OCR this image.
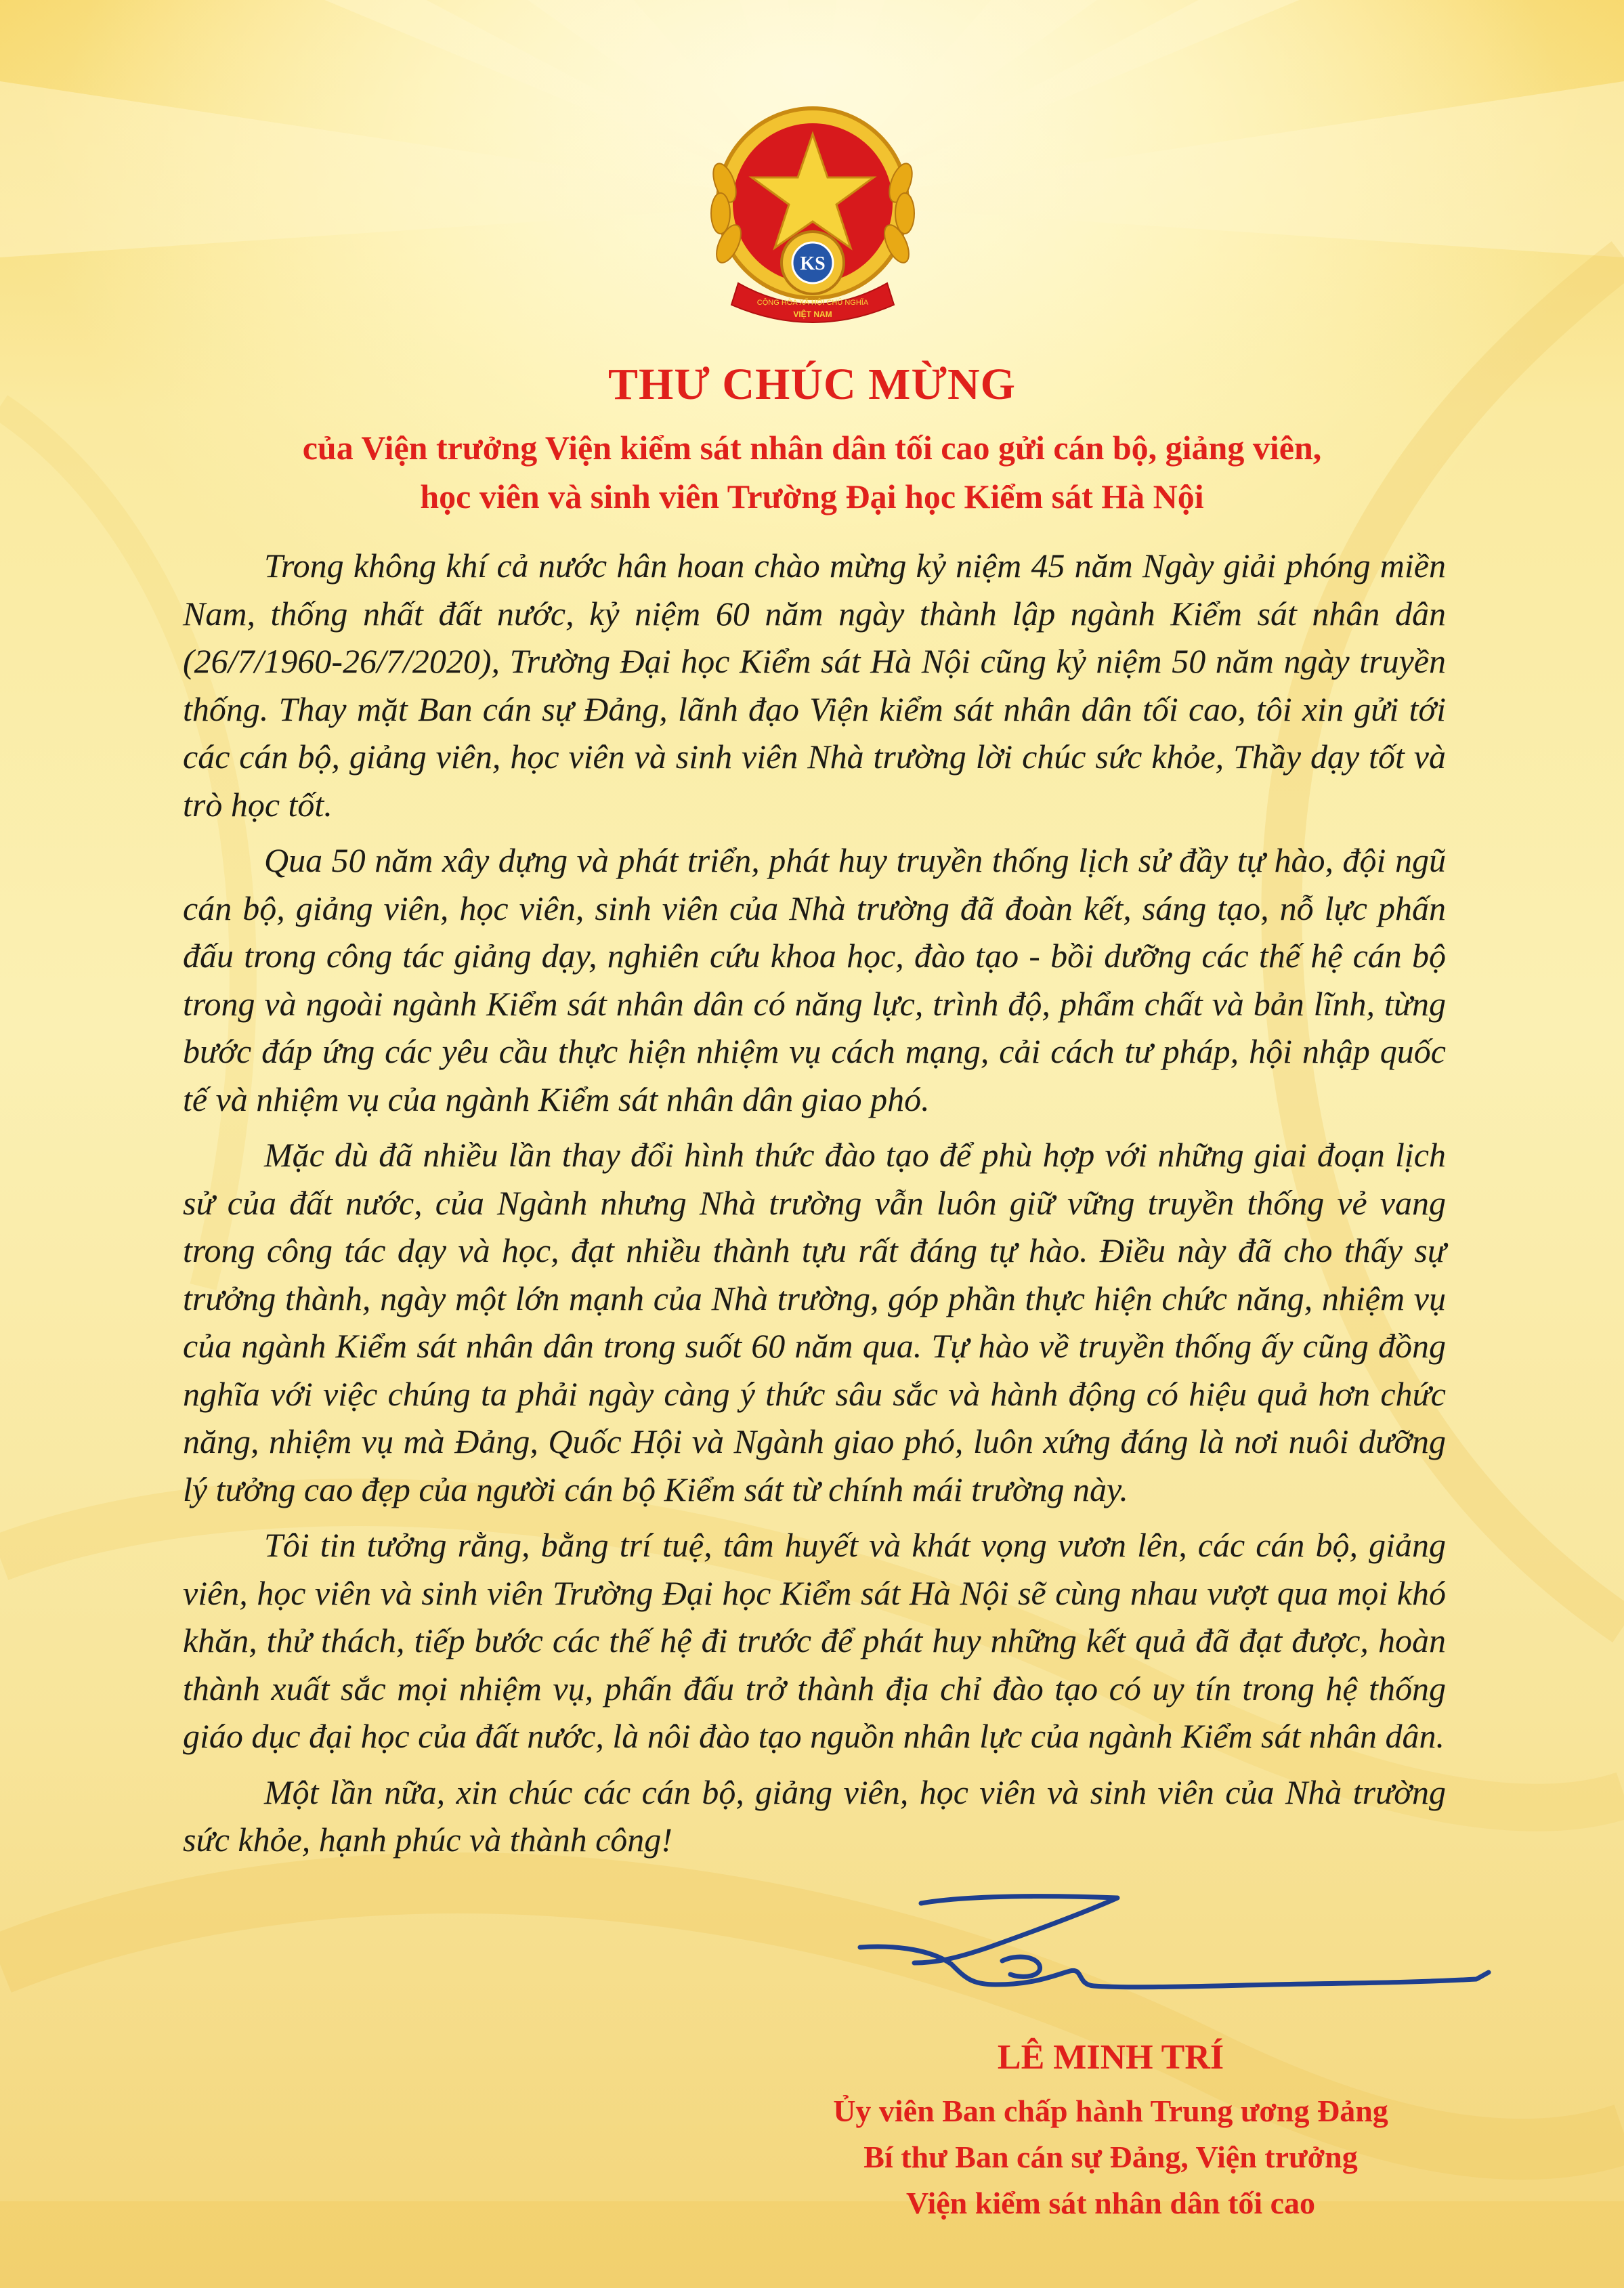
KS
CỘNG HÒA XÃ HỘI CHỦ NGHĨA
VIỆT NAM
THƯ CHÚC MỪNG
của Viện trưởng Viện kiểm sát nhân dân tối cao gửi cán bộ, giảng viên,
học viên và sinh viên Trường Đại học Kiểm sát Hà Nội

Trong không khí cả nước hân hoan chào mừng kỷ niệm 45 năm Ngày giải phóng miền Nam, thống nhất đất nước, kỷ niệm 60 năm ngày thành lập ngành Kiểm sát nhân dân (26/7/1960-26/7/2020), Trường Đại học Kiểm sát Hà Nội cũng kỷ niệm 50 năm ngày truyền thống. Thay mặt Ban cán sự Đảng, lãnh đạo Viện kiểm sát nhân dân tối cao, tôi xin gửi tới các cán bộ, giảng viên, học viên và sinh viên Nhà trường lời chúc sức khỏe, Thầy dạy tốt và trò học tốt.

Qua 50 năm xây dựng và phát triển, phát huy truyền thống lịch sử đầy tự hào, đội ngũ cán bộ, giảng viên, học viên, sinh viên của Nhà trường đã đoàn kết, sáng tạo, nỗ lực phấn đấu trong công tác giảng dạy, nghiên cứu khoa học, đào tạo - bồi dưỡng các thế hệ cán bộ trong và ngoài ngành Kiểm sát nhân dân có năng lực, trình độ, phẩm chất và bản lĩnh, từng bước đáp ứng các yêu cầu thực hiện nhiệm vụ cách mạng, cải cách tư pháp, hội nhập quốc tế và nhiệm vụ của ngành Kiểm sát nhân dân giao phó.

Mặc dù đã nhiều lần thay đổi hình thức đào tạo để phù hợp với những giai đoạn lịch sử của đất nước, của Ngành nhưng Nhà trường vẫn luôn giữ vững truyền thống vẻ vang trong công tác dạy và học, đạt nhiều thành tựu rất đáng tự hào. Điều này đã cho thấy sự trưởng thành, ngày một lớn mạnh của Nhà trường, góp phần thực hiện chức năng, nhiệm vụ của ngành Kiểm sát nhân dân trong suốt 60 năm qua. Tự hào về truyền thống ấy cũng đồng nghĩa với việc chúng ta phải ngày càng ý thức sâu sắc và hành động có hiệu quả hơn chức năng, nhiệm vụ mà Đảng, Quốc Hội và Ngành giao phó, luôn xứng đáng là nơi nuôi dưỡng lý tưởng cao đẹp của người cán bộ Kiểm sát từ chính mái trường này.

Tôi tin tưởng rằng, bằng trí tuệ, tâm huyết và khát vọng vươn lên, các cán bộ, giảng viên, học viên và sinh viên Trường Đại học Kiểm sát Hà Nội sẽ cùng nhau vượt qua mọi khó khăn, thử thách, tiếp bước các thế hệ đi trước để phát huy những kết quả đã đạt được, hoàn thành xuất sắc mọi nhiệm vụ, phấn đấu trở thành địa chỉ đào tạo có uy tín trong hệ thống giáo dục đại học của đất nước, là nôi đào tạo nguồn nhân lực của ngành Kiểm sát nhân dân.

Một lần nữa, xin chúc các cán bộ, giảng viên, học viên và sinh viên của Nhà trường sức khỏe, hạnh phúc và thành công!

LÊ MINH TRÍ

Ủy viên Ban chấp hành Trung ương Đảng

Bí thư Ban cán sự Đảng, Viện trưởng

Viện kiểm sát nhân dân tối cao
